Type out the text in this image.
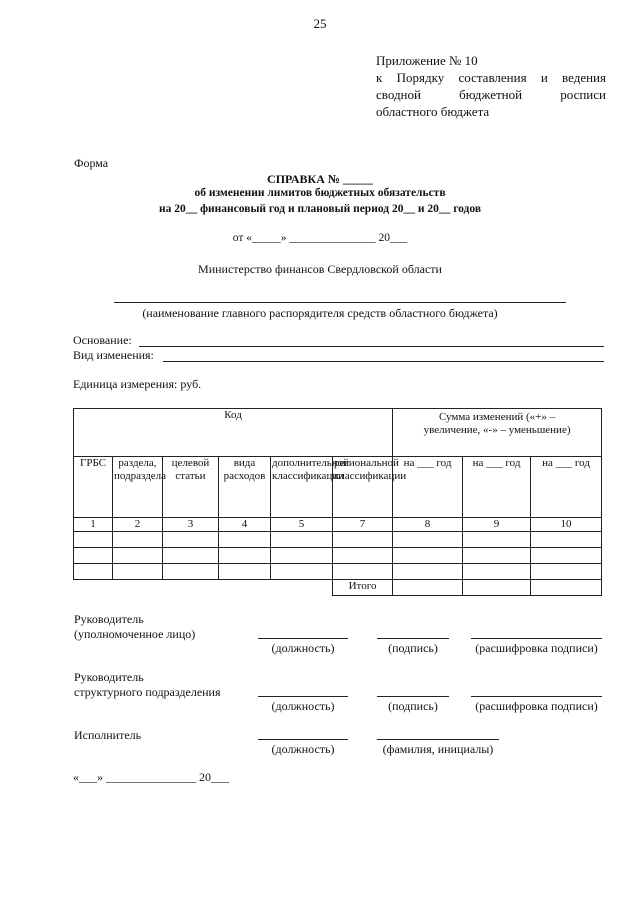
25
Приложение № 10
к Порядку составления и ведения
сводной бюджетной росписи
областного бюджета
Форма
СПРАВКА № _____
об изменении лимитов бюджетных обязательств
на 20__ финансовый год и плановый период 20__ и 20__ годов
от «_____» _______________ 20___
Министерство финансов Свердловской области
(наименование главного распорядителя средств областного бюджета)
Основание:
Вид изменения:
Единица измерения: руб.
Код						Сумма изменений («+» – увеличение, «-» – уменьшение)		
ГРБС	раздела, подраздела	целевой статьи	вида расходов	дополнительной классификации	региональной классификации	на ___ год	на ___ год	на ___ год
1	2	3	4	5	7	8	9	10

					Итого			
Руководитель
(уполномоченное лицо)
(должность)	(подпись)	(расшифровка подписи)
Руководитель
структурного подразделения
(должность)	(подпись)	(расшифровка подписи)
Исполнитель
(должность)	(фамилия, инициалы)
«___» _______________ 20___
